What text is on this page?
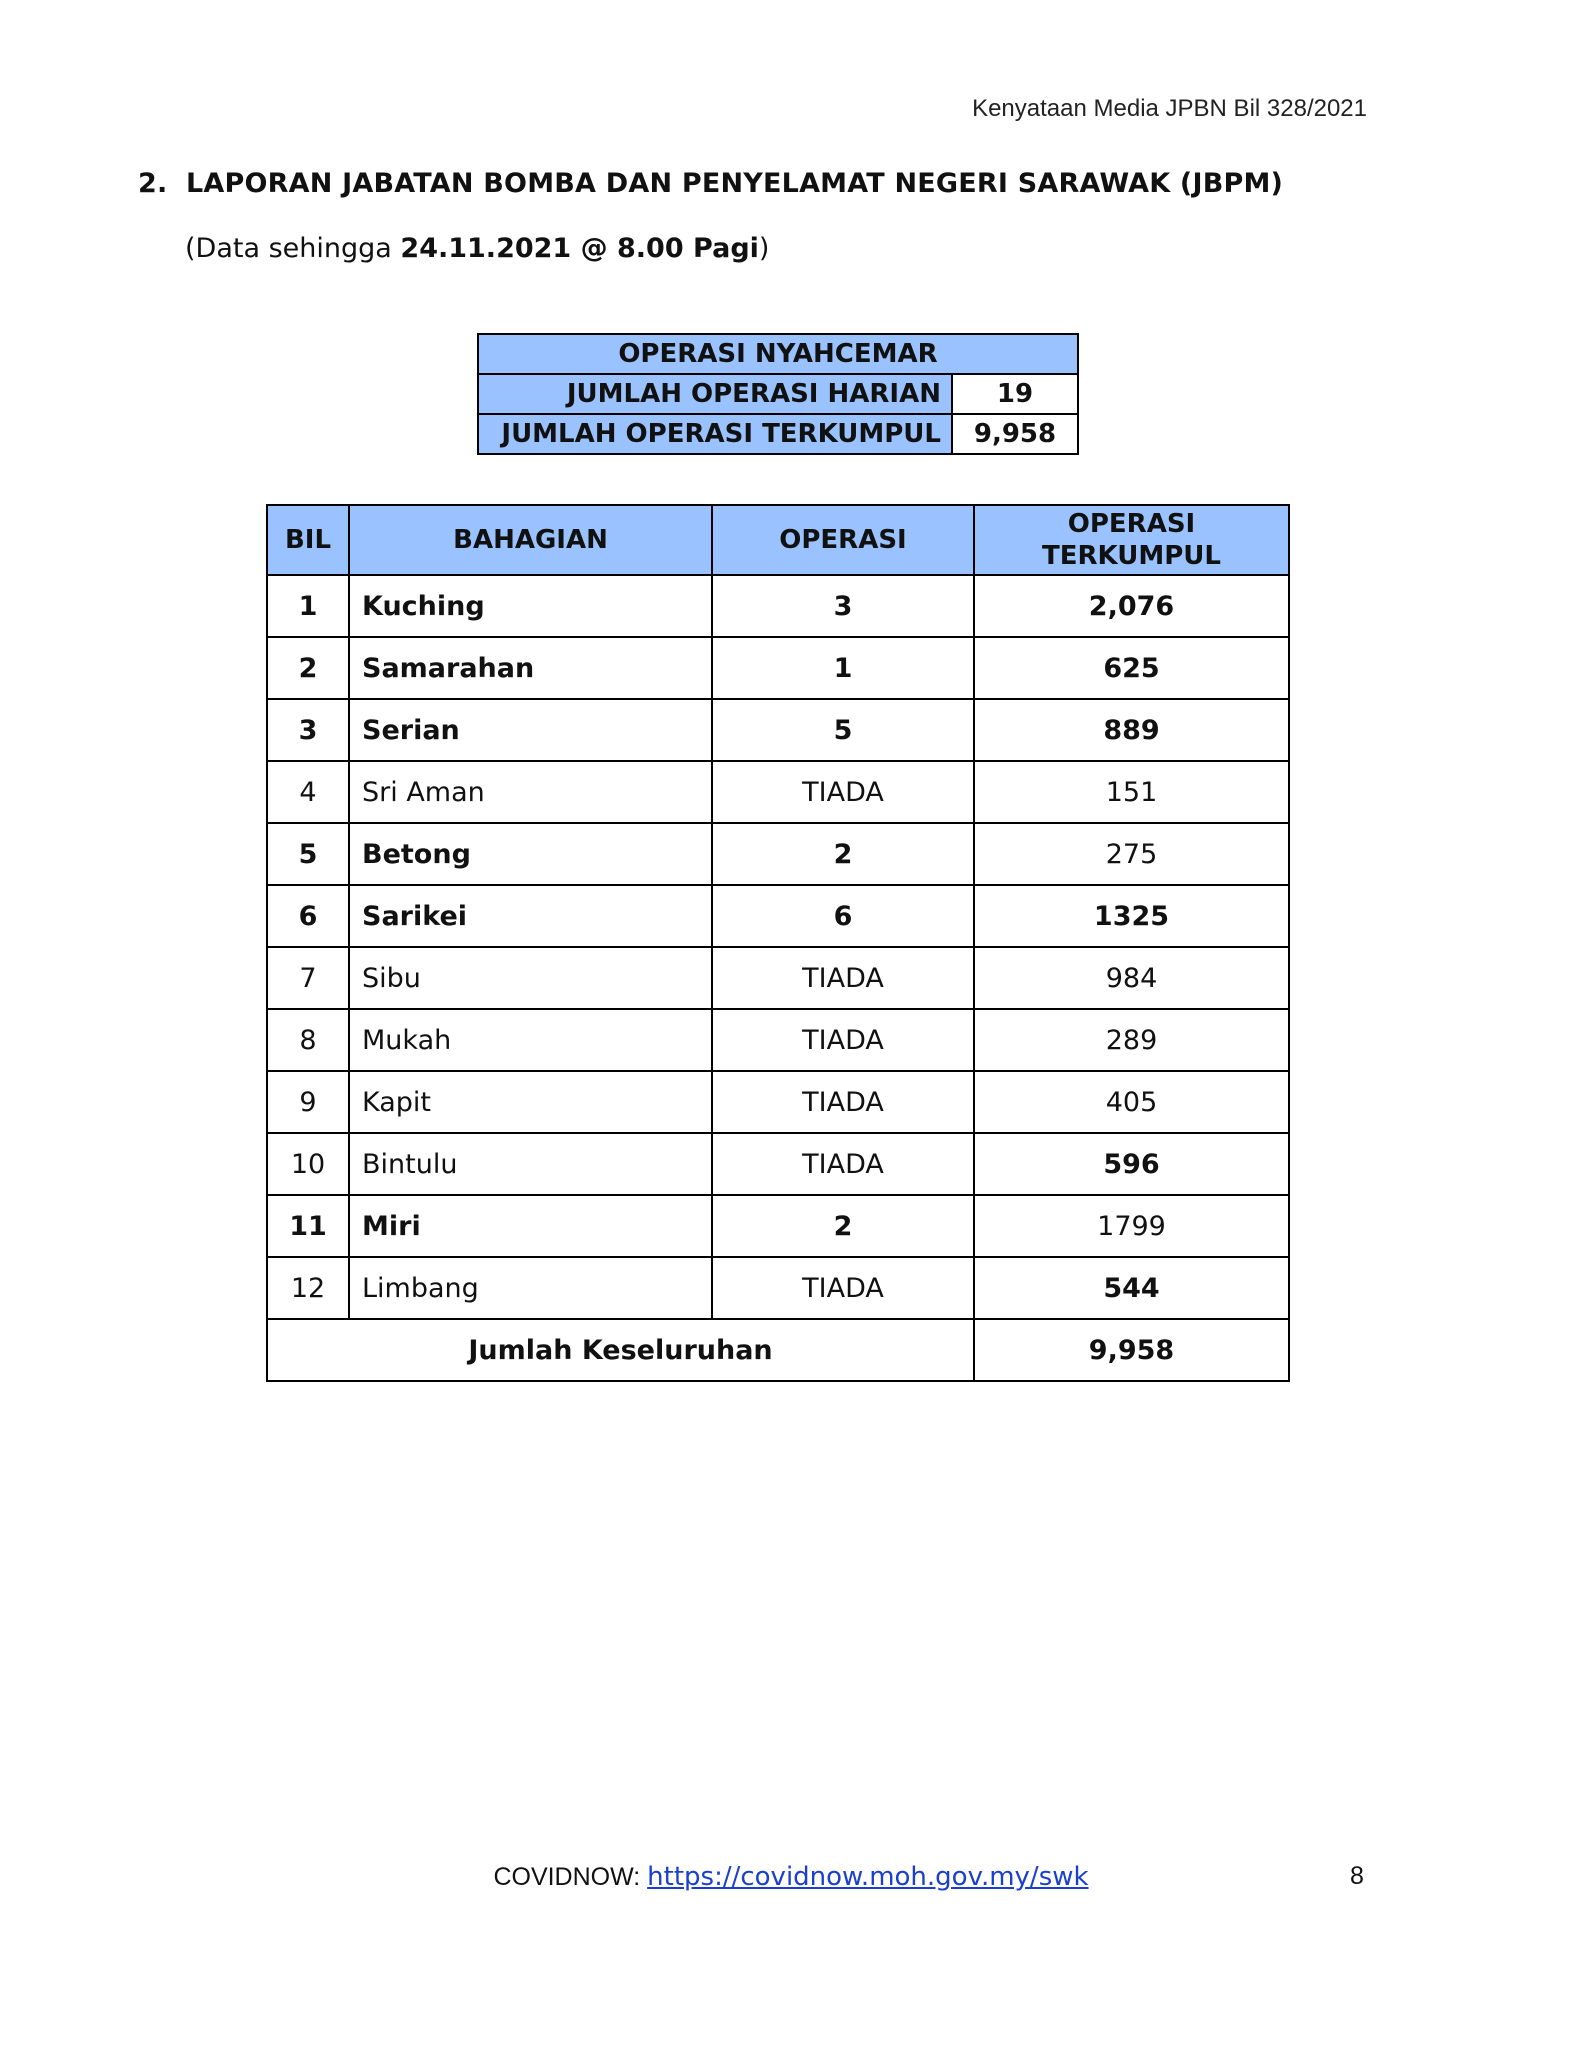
Kenyataan Media JPBN Bil 328/2021
2. LAPORAN JABATAN BOMBA DAN PENYELAMAT NEGERI SARAWAK (JBPM)
(Data sehingga 24.11.2021 @ 8.00 Pagi)
OPERASI NYAHCEMAR	
JUMLAH OPERASI HARIAN	19
JUMLAH OPERASI TERKUMPUL	9,958
BIL	BAHAGIAN	OPERASI	OPERASI TERKUMPUL
1	Kuching	3	2,076
2	Samarahan	1	625
3	Serian	5	889
4	Sri Aman	TIADA	151
5	Betong	2	275
6	Sarikei	6	1325
7	Sibu	TIADA	984
8	Mukah	TIADA	289
9	Kapit	TIADA	405
10	Bintulu	TIADA	596
11	Miri	2	1799
12	Limbang	TIADA	544
Jumlah Keseluruhan			9,958
COVIDNOW: https://covidnow.moh.gov.my/swk	8
